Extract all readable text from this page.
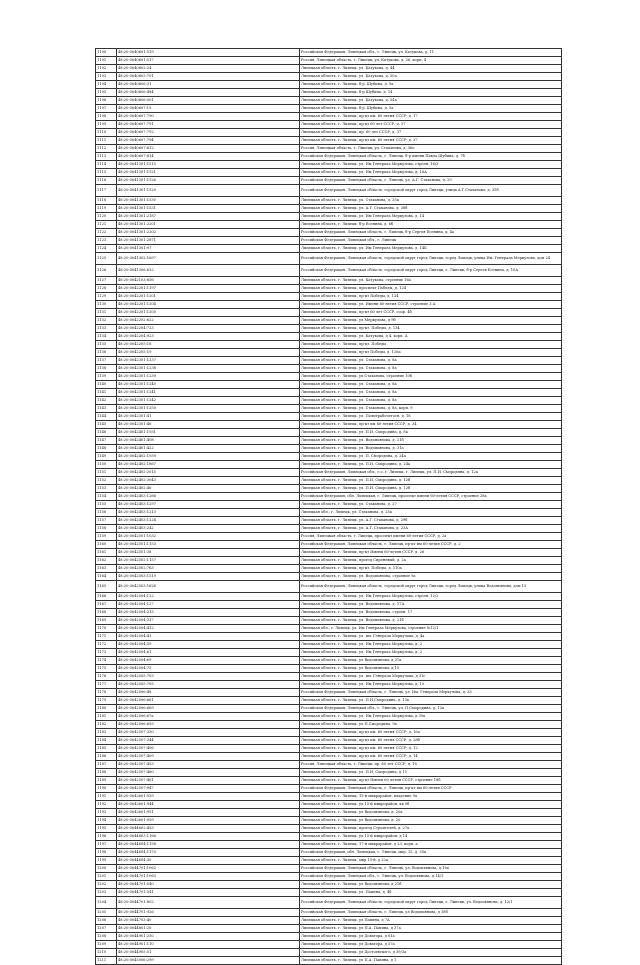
1100	48:20:0040601:519	Российская Федерация, Липецкая обл., г. Липецк, ул. Катукова, д. 11
1101	48:20:0040601:517	Россия, Липецкая область, г. Липецк, ул. Катукова, д. 26, корп. 4
1102	48:20:0040602:24	Липецкая область, г. Липецк, ул. Катукова, д. 44
1103	48:20:0040602:701	Липецкая область, г. Липецк, ул. Катукова, д. 50а
1104	48:20:0040606:31	Липецкая область, г. Липецк, б-р. Шубина, д. 9а
1105	48:20:0040606:484	Липецкая область, г. Липецк, б-р Шубина, д. 14
1106	48:20:0040606:501	Липецкая область, г. Липецк, ул. Катукова, д. 54а
1107	48:20:0040607:15	Липецкая область, г. Липецк, б-р. Шубина, д. 5а
1108	48:20:0040607:790	Липецкая область, г. Липецк, пр-кт им. 60-летия СССР, д. 17
1109	48:20:0040607:791	Липецкая область, г. Липецк, пр-кт 60 лет СССР, д. 37
1110	48:20:0040607:792	Липецкая область, г. Липецк, пр. 60 лет СССР, д. 37
1111	48:20:0040607:794	Липецкая область, г. Липецк, пр-кт им. 60-летия СССР, д. 37
1112	48:20:0040607:812	Россия, Липецкая область, г. Липецк, ул. Стаханова, д. 36о
1113	48:20:0040607:814	Российская Федерация, Липецкая область, г. Липецк, б-р имени Павла Шубина, д. 7б
1114	48:20:0041301:1515	Липецкая область, г. Липецк, ул. Им Генерала Меркулова, строен. 16/3
1115	48:20:0041301:1521	Липецкая область, г. Липецк, ул. Им Генерала Меркулова, д. 16А
1116	48:20:0041301:1526	Российская Федерация, Липецкая область, г. Липецк, ул. А.Г. Стаханова, д. 29
1117	48:20:0041301:1529	Российская Федерация, Липецкая область, городской округ город Липецк, улица А.Г.Стаханова, д. 35б
1118	48:20:0041301:1530	Липецкая область, г. Липецк, ул. Стаханова, д. 35а
1119	48:20:0041301:1531	Липецкая область, г. Липецк, ул. А.Г. Стаханова, д. 38б
1120	48:20:0041301:2187	Липецкая область, г. Липецк, ул. Им Генерала Меркулова, д. 14
1121	48:20:0041301:2201	Липецкая область, г. Липецк, б-р Есенина, д. 6б
1122	48:20:0041301:2202	Российская Федерация, Липецкая область, г. Липецк, б-р Сергея Есенина, д. 4а
1123	48:20:0041301:2871	Российская Федерация, Липецкая обл., г. Липецк
1124	48:20:0041301:97	Липецкая область, г. Липецк, ул. Им Генерала Меркулова, д. 14Б
1125	48:20:0041302:1697	Российская Федерация, Липецкая область, городской округ город Липецк, город Липецк, улица Им. Генерала Меркулова, дом 24
1126	48:20:0041306:632	Российская Федерация, Липецкая область, городской округ город Липецк, г. Липецк, б-р Сергея Есенина, д. 10А
1127	48:20:0042103:656	Липецкая область, г. Липецк, ул. Катукова, строение 16а
1128	48:20:0042201:1197	Липецкая область, г. Липецк, проспект Победы, д. 124
1129	48:20:0042201:1201	Липецкая область, г. Липецк, пр-кт Победы, д. 124
1130	48:20:0042201:1204	Липецкая область, г. Липецк, ул. Имени 60-летия СССР, строение 3 А
1131	48:20:0042201:1205	Липецкая область, г. Липецк, пр-кт 60 лет СССР, соор. 4б
1132	48:20:0042202:622	Липецкая область, г. Липецк, ул Меркулова, д 9б
1133	48:20:0042204:723	Липецкая область, г. Липецк, пр-кт. Победы, д. 134
1134	48:20:0042204:923	Липецкая область, г. Липецк, ул. Катукова, д 4, корп. А
1135	48:20:0042205:18	Липецкая область, г. Липецк, пр-кт. Победы
1136	48:20:0042205:19	Липецкая область, г. Липецк, пр-кт Победы, д. 128а
1137	48:20:0042301:1237	Липецкая область, г. Липецк, ул. Стаханова, д. 8а
1138	48:20:0042301:1238	Липецкая область, г. Липецк, ул. Стаханова, д. 8а
1139	48:20:0042301:1239	Липецкая область, г. Липецк, ул.Стаханова, строение 10б
1140	48:20:0042301:1240	Липецкая область, г. Липецк, ул. Стаханова, д. 8а
1141	48:20:0042301:1241	Липецкая область, г. Липецк, ул. Стаханова, д. 8а
1142	48:20:0042301:1242	Липецкая область, г. Липецк, ул. Стаханова, д. 8а
1143	48:20:0042301:1250	Липецкая область, г. Липецк, ул. Стаханова, д. 8а, корп. 9
1144	48:20:0042301:41	Липецкая область, г. Липецк, ул. Политрабочегося, д. 18
1145	48:20:0042301:46	Липецкая область, г. Липецк, пр-кт им 60-летия СССР, д. 34
1146	48:20:0042401:1931	Липецкая область, г. Липецк, ул. П.И. Смородина, д. 8а
1147	48:20:0042401:408	Липецкая область, г. Липецк, ул. Водопьянова, д. 21б
1148	48:20:0042401:422	Липецкая область, г. Липецк, ул. Водопьянова, д. 31а
1149	48:20:0042402:1939	Липецкая область, г. Липецк, ул. П. Смородина, д. 24а
1150	48:20:0042402:1867	Липецкая область, г. Липецк, ул. П.И. Смородина, д. 24а
1151	48:20:0042402:2015	Российская Федерация, Липецкая обл., г.о. г. Липецк, г. Липецк, ул. П.И. Смородина, д. 12а
1152	48:20:0042402:3043	Липецкая область, г. Липецк, ул. П.И. Смородина, д. 12б
1153	48:20:0042402:46	Липецкая область, г. Липецк, ул. П.И. Смородина, д. 12б
1154	48:20:0042403:1266	Российская Федерация, обл. Липецкая, г. Липецк, проспект имени 60-летия СССР, строение 28а
1155	48:20:0042403:1297	Липецкая область, г. Липецк, ул. Стаханова, д. 27
1156	48:20:0042403:1213	Липецкая обл., г. Липецк, ул. Стаханова, д. 25а
1157	48:20:0042403:1224	Липецкая область, г. Липецк, ул. А.Г. Стаханова, д. 29б
1158	48:20:0042403:242	Липецкая область, г. Липецк, ул. А.Г. Стаханова, д. 23А
1159	48:20:0042501:1032	Россия, Липецкая область, г. Липецк, проспект имени 60-летия СССР, д. 2а
1160	48:20:0042501:1153	Российская Федерация, Липецкая область, г. Липецк, пр-кт им 60-летия СССР, д. 2
1161	48:20:0042501:38	Липецкая область, г. Липецк, пр-кт Имени 60-летия СССР, д. 26
1162	48:20:0042502:1157	Липецкая область, г. Липецк, проезд Сиреневый, д. 2а
1163	48:20:0042502:763	Липецкая область, г. Липецк, пр-кт. Победы, д. 110а
1164	48:20:0042503:1519	Липецкая область, г. Липецк, ул. Водопьянова, строение 9а
1165	48:20:0042503:1628	Российская Федерация, Липецкая область, городской округ город Липецк, город Липецк, улица Водопьянова, дом 15
1166	48:20:0042504:122	Липецкая область, г. Липецк, ул. Им Генерала Меркулова, строен. 12/2
1167	48:20:0042504:127	Липецкая область, г. Липецк, ул. Водопьянова, д. 17А
1168	48:20:0042504:215	Липецкая область, г. Липецк, ул. Водопьянова, строен. 17
1169	48:20:0042504:217	Липецкая область, г. Липецк, ул. Водопьянова, д. 21б
1170	48:20:0042504:412	Липецкая обл., г. Липецк, ул. Им Генерала Меркулова, строение №12/1
1171	48:20:0042504:43	Липецкая область, г. Липецк, ул. им. Генерала Меркулова, д. 4а
1172	48:20:0042504:59	Липецкая область, г. Липецк, ул. Им Генерала Меркулова, д. 2
1173	48:20:0042504:61	Липецкая область, г. Липецк, ул. Им Генерала Меркулова, д. 2
1174	48:20:0042504:69	Липецкая область, г. Липецк, ул Водопьянова, д 21а
1175	48:20:0042504:75	Липецкая область, г. Липецк, ул Водопьянова, д 15
1176	48:20:0042505:703	Липецкая область, г. Липецк, ул. им. Генерала Меркулова, д 31г
1177	48:20:0042505:705	Липецкая область, г. Липецк, ул. Им Генерала Меркулова, д. 10
1178	48:20:0042506:48	Российская Федерация, Липецкая область, г. Липецк, ул. Им. Генерала Меркулова, д. 23
1179	48:20:0042506:661	Липецкая область, г. Липецк, ул. П.И.Смородина, д. 13а
1180	48:20:0042506:669	Российская Федерация, Липецкая обл., г. Липецк, ул. П.Смородина, д. 13а
1181	48:20:0042506:67а	Липецкая область, г. Липецк, ул. Им Генерала Меркулова, д 39а
1182	48:20:0042506:693	Липецкая область, г. Липецк, ул П.Смородина, 9а
1183	48:20:0042507:330	Липецкая область, г. Липецк, пр-кт им. 60-летия СССР, д. 16а
1184	48:20:0042507:344	Липецкая область, г. Липецк, пр-кт им. 60 летия СССР, д. 28б
1185	48:20:0042507:406	Липецкая область, г. Липецк, пр-кт им. 60-летия СССР, д. 12
1186	48:20:0042507:409	Липецкая область, г. Липецк, пр-кт им. 60-летия СССР, д. 14
1187	48:20:0042507:453	Россия, Липецкая область, г. Липецк, пр. 60 лет СССР, д. 18
1188	48:20:0042507:460	Липецкая область, г. Липецк, ул. П.И. Смородина, д 15
1189	48:20:0042507:461	Липецкая область, г. Липецк, пр-кт Имени 60 летия СССР, строение 18б
1190	48:20:0042507:947	Российская Федерация, Липецкая область, г. Липецк, пр-кт им 60-летия СССР
1191	48:20:0042601:939	Липецкая область, г. Липецк, 15-й микрорайон, владение 9а
1192	48:20:0042601:944	Липецкая область, г. Липецк, ул 15-й микрорайон, кв 9б
1193	48:20:0042601:951	Липецкая область, г. Липецк, ул Водопьянова, д. 20а
1194	48:20:0042601:959	Липецкая область, г. Липецк, ул Водопьянова, д. 20
1195	48:20:0044602:453	Липецкая область, г. Липецк, проезд Строителей, д. 27а
1196	48:20:0044603:1166	Липецкая область, г. Липецк, ул 15-й микрорайон, д 14
1197	48:20:0044604:1158	Липецкая область, г. Липецк, 17-й микрорайон, д 23, корп. а
1198	48:20:0044604:1170	Российская Федерация, обл. Липецкая, г. Липецк, мкр. 15, д. 35а
1199	48:20:0044604:30	Липецкая область, г. Липецк, мкр 15-й, д 22а
1200	48:20:0044701:1062	Российская Федерация, Липецкая область, г. Липецк, ул. Водопьянова, д.16а
1201	48:20:0044701:1063	Российская Федерация, Липецкая обл., г. Липецк, ул. Водопьянова, д.14/1
1202	48:20:0044701:540	Липецкая область, г. Липецк, ул Водопьянова, д 21б
1203	48:20:0044701:541	Липецкая область, г. Липецк, ул. Папина, д. 4б
1204	48:20:0044701:802	Российская Федерация, Липецкая область, городской округ город Липецк, г. Липецк, ул. Водопьянова, д. 12/1
1205	48:20:0044701:926	Российская Федерация, Липецкая область, г. Липецк, ул Водопьянова, д 18б
1206	48:20:0044703:40	Липецкая область, г. Липецк, ул Папина, д 7А
1207	48:20:0044801:20	Липецкая область, г. Липецк, ул П.А. Папина, д 37а
1208	48:20:0044901:250	Липецкая область, г. Липецк, ул Доватора, д 61а
1209	48:20:0044901:110	Липецкая область, г. Липецк, ул Доватора, д 57а
1210	48:20:0044905:51	Липецкая область, г. Липецк, ул Достоевского, д 39/3а
1211	48:20:0045006:299	Липецкая область, г. Липецк, ул П.А. Папина, д 1
